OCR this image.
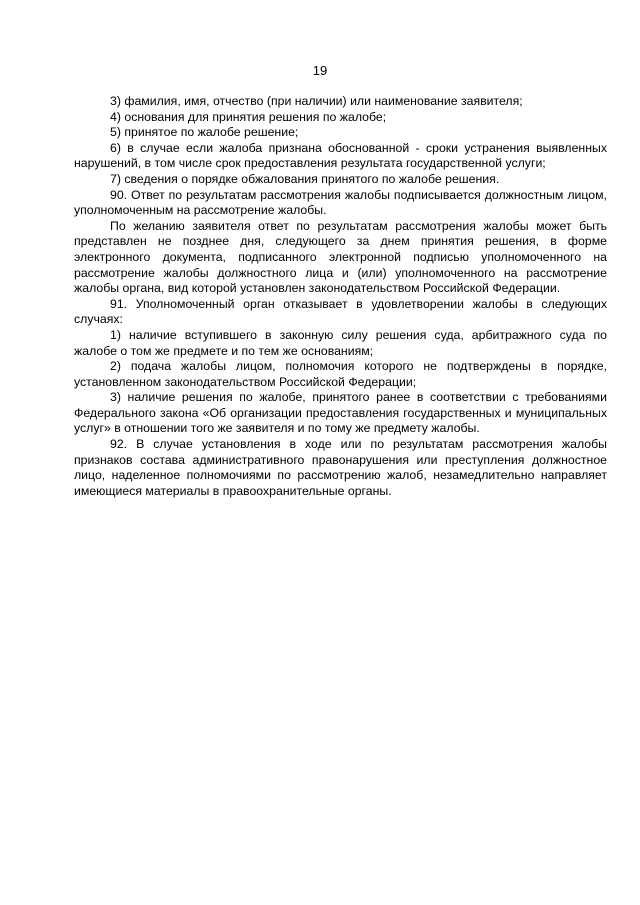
19

3) фамилия, имя, отчество (при наличии) или наименование заявителя;

4) основания для принятия решения по жалобе;

5) принятое по жалобе решение;

6) в случае если жалоба признана обоснованной - сроки устранения выявленных нарушений, в том числе срок предоставления результата государственной услуги;

7) сведения о порядке обжалования принятого по жалобе решения.

90. Ответ по результатам рассмотрения жалобы подписывается должностным лицом, уполномоченным на рассмотрение жалобы.

По желанию заявителя ответ по результатам рассмотрения жалобы может быть представлен не позднее дня, следующего за днем принятия решения, в форме электронного документа, подписанного электронной подписью уполномоченного на рассмотрение жалобы должностного лица и (или) уполномоченного на рассмотрение жалобы органа, вид которой установлен законодательством Российской Федерации.

91. Уполномоченный орган отказывает в удовлетворении жалобы в следующих случаях:

1) наличие вступившего в законную силу решения суда, арбитражного суда по жалобе о том же предмете и по тем же основаниям;

2) подача жалобы лицом, полномочия которого не подтверждены в порядке, установленном законодательством Российской Федерации;

3) наличие решения по жалобе, принятого ранее в соответствии с требованиями Федерального закона «Об организации предоставления государственных и муниципальных услуг» в отношении того же заявителя и по тому же предмету жалобы.

92. В случае установления в ходе или по результатам рассмотрения жалобы признаков состава административного правонарушения или преступления должностное лицо, наделенное полномочиями по рассмотрению жалоб, незамедлительно направляет имеющиеся материалы в правоохранительные органы.
